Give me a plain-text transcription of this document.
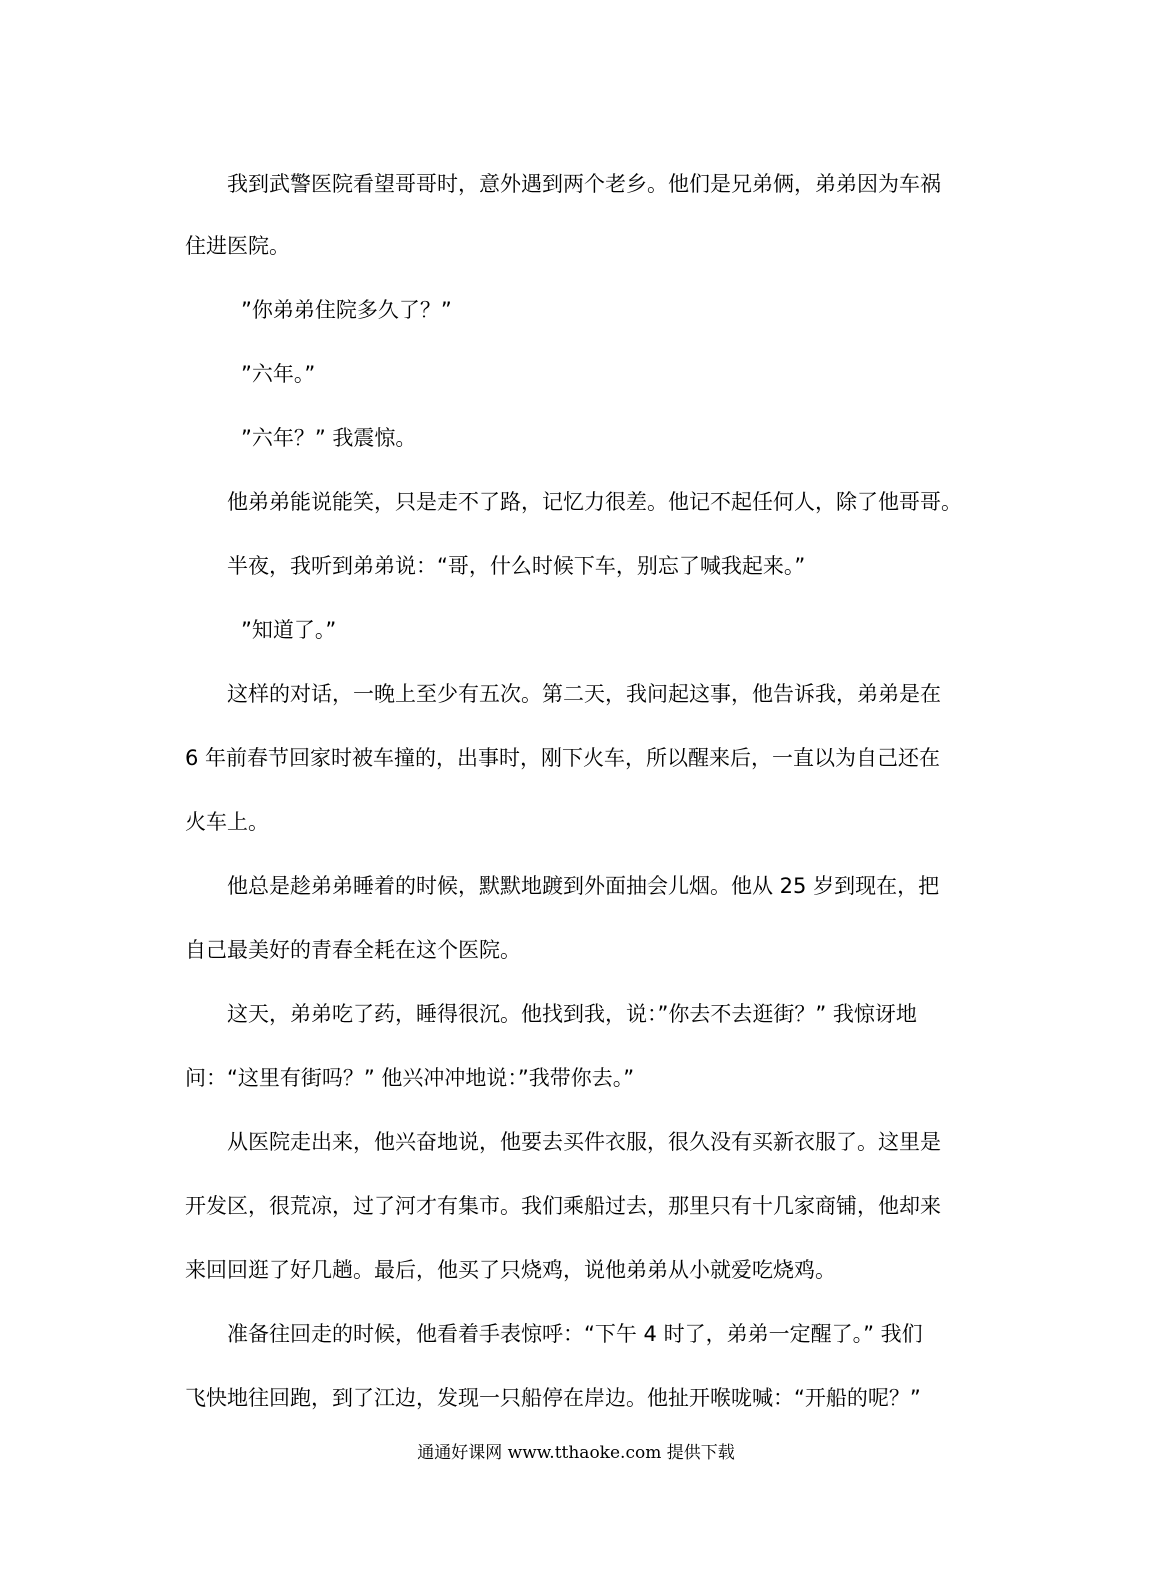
我到武警医院看望哥哥时，意外遇到两个老乡。他们是兄弟俩，弟弟因为车祸
住进医院。
”你弟弟住院多久了？”
”六年。”
”六年？” 我震惊。
他弟弟能说能笑，只是走不了路，记忆力很差。他记不起任何人，除了他哥哥。
半夜，我听到弟弟说：“哥，什么时候下车，别忘了喊我起来。”
”知道了。”
这样的对话，一晚上至少有五次。第二天，我问起这事，他告诉我，弟弟是在
6 年前春节回家时被车撞的，出事时，刚下火车，所以醒来后，一直以为自己还在
火车上。
他总是趁弟弟睡着的时候，默默地踱到外面抽会儿烟。他从 25 岁到现在，把
自己最美好的青春全耗在这个医院。
这天，弟弟吃了药，睡得很沉。他找到我，说：”你去不去逛街？” 我惊讶地
问：“这里有街吗？” 他兴冲冲地说：”我带你去。”
从医院走出来，他兴奋地说，他要去买件衣服，很久没有买新衣服了。这里是
开发区，很荒凉，过了河才有集市。我们乘船过去，那里只有十几家商铺，他却来
来回回逛了好几趟。最后，他买了只烧鸡，说他弟弟从小就爱吃烧鸡。
准备往回走的时候，他看着手表惊呼：“下午 4 时了，弟弟一定醒了。” 我们
飞快地往回跑，到了江边，发现一只船停在岸边。他扯开喉咙喊：“开船的呢？”
通通好课网 www.tthaoke.com 提供下载
